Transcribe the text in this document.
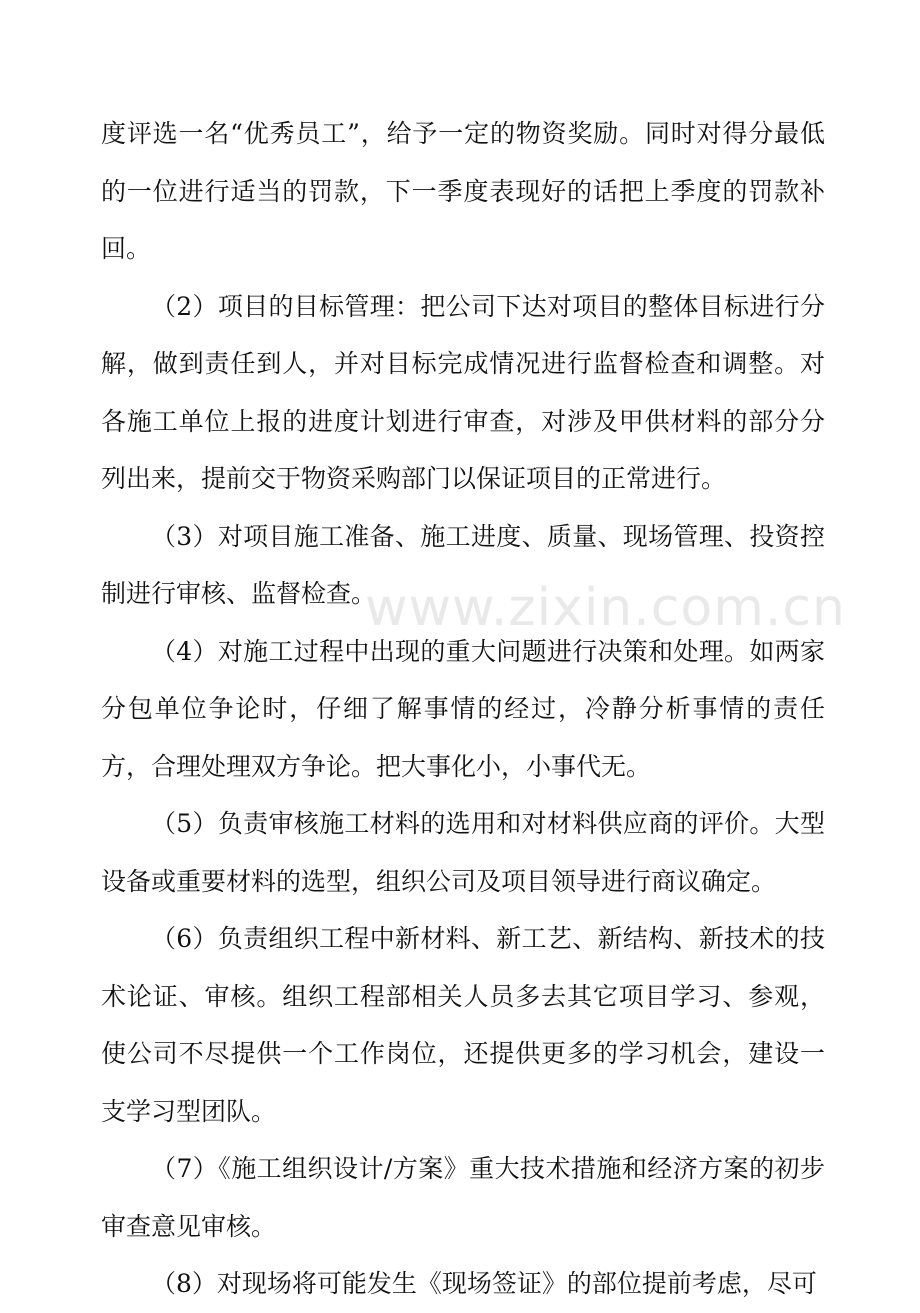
www.zixin.com.cn

度评选一名“优秀员工”，给予一定的物资奖励。同时对得分最低的一位进行适当的罚款，下一季度表现好的话把上季度的罚款补回。

（2）项目的目标管理：把公司下达对项目的整体目标进行分解，做到责任到人，并对目标完成情况进行监督检查和调整。对各施工单位上报的进度计划进行审查，对涉及甲供材料的部分分列出来，提前交于物资采购部门以保证项目的正常进行。

（3）对项目施工准备、施工进度、质量、现场管理、投资控制进行审核、监督检查。

（4）对施工过程中出现的重大问题进行决策和处理。如两家分包单位争论时，仔细了解事情的经过，冷静分析事情的责任方，合理处理双方争论。把大事化小，小事代无。

（5）负责审核施工材料的选用和对材料供应商的评价。大型设备或重要材料的选型，组织公司及项目领导进行商议确定。

（6）负责组织工程中新材料、新工艺、新结构、新技术的技术论证、审核。组织工程部相关人员多去其它项目学习、参观，使公司不尽提供一个工作岗位，还提供更多的学习机会，建设一支学习型团队。

（7）《施工组织设计/方案》重大技术措施和经济方案的初步审查意见审核。

（8）对现场将可能发生《现场签证》的部位提前考虑，尽可
